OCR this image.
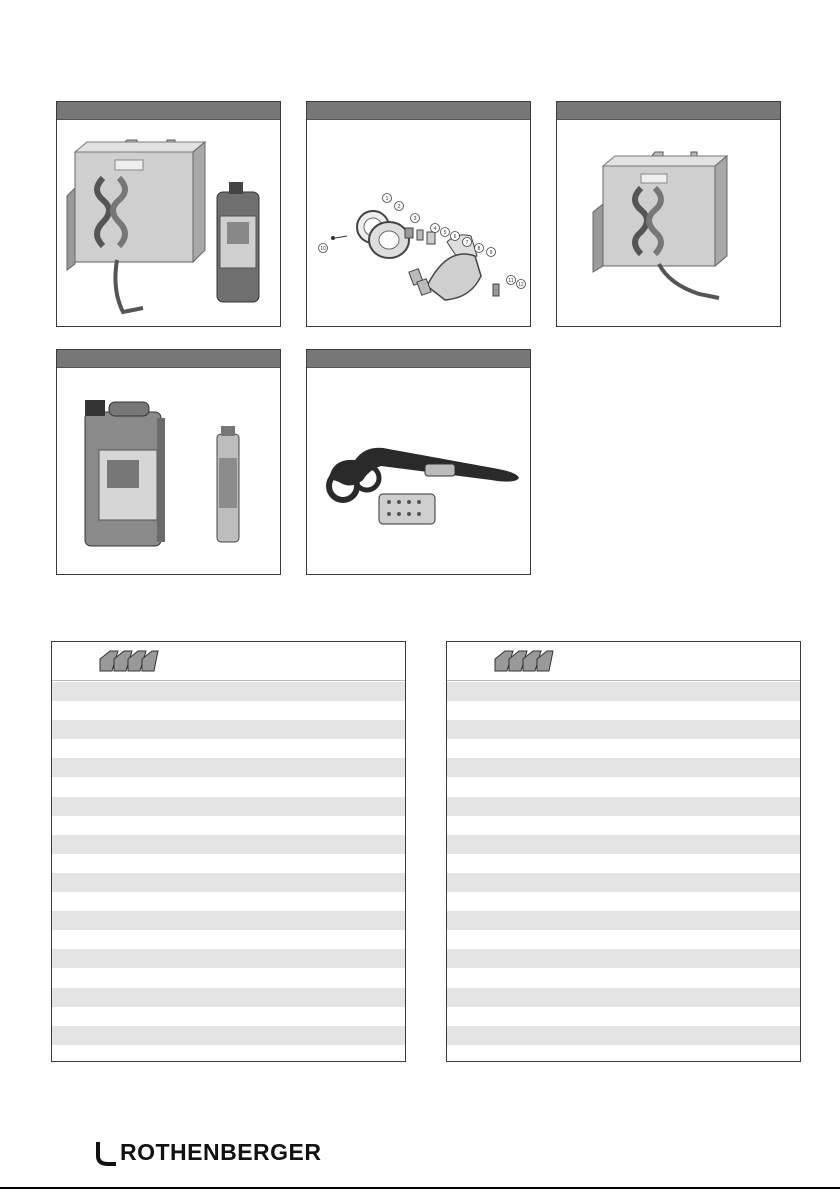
1
2
3
4
5
6
7
8
9
10
11
12
ROTHENBERGER
